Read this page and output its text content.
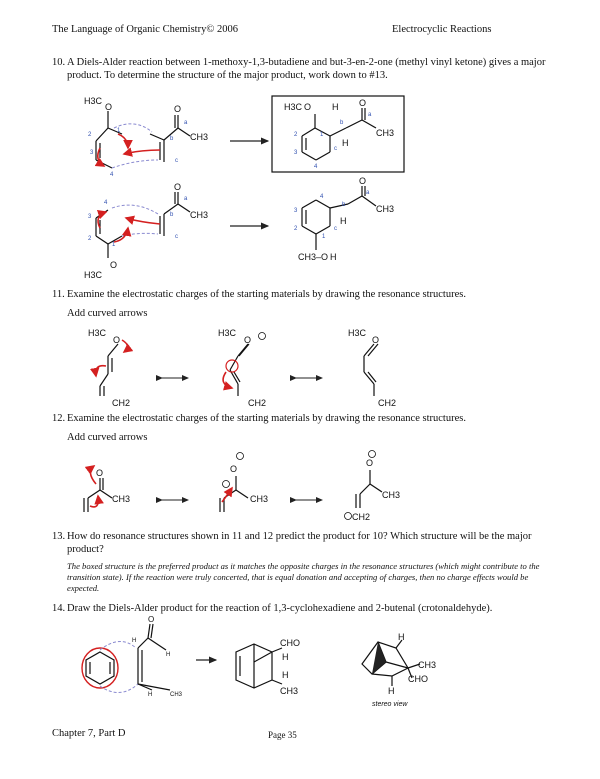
The Language of Organic Chemistry© 2006	Electrocyclic Reactions
10. A Diels-Alder reaction between 1-methoxy-1,3-butadiene and but-3-en-2-one (methyl vinyl ketone) gives a major product. To determine the structure of the major product, work down to #13.
11. Examine the electrostatic charges of the starting materials by drawing the resonance structures.
Add curved arrows
12. Examine the electrostatic charges of the starting materials by drawing the resonance structures.
Add curved arrows
13. How do resonance structures shown in 11 and 12 predict the product for 10? Which structure will be the major product?
The boxed structure is the preferred product as it matches the opposite charges in the resonance structures (which might contribute to the transition state). If the reaction were truly concerted, that is equal donation and accepting of charges, then no charge effects would be expected.
14. Draw the Diels-Alder product for the reaction of 1,3-cyclohexadiene and 2-butenal (crotonaldehyde).
Chapter 7, Part D	Page 35
H3C
O	O
CH3
1
2
3
4
a
b
c
H3C O H O
CH3
H
1
2
3
4
a
b
c
O
H3C
O
CH3
4
3
2
1
a
b
c
O
CH3
H
CH3–O H
4
3
2
1
a
b
c
H3C
O
CH2
H3C
O
CH2
H3C
O
CH2
O
CH3
O
CH3
O
CH3
CH2
O
H
H
H	CH3
CHO
H
H
CH3
H
CH3
CHO
H
stereo view
